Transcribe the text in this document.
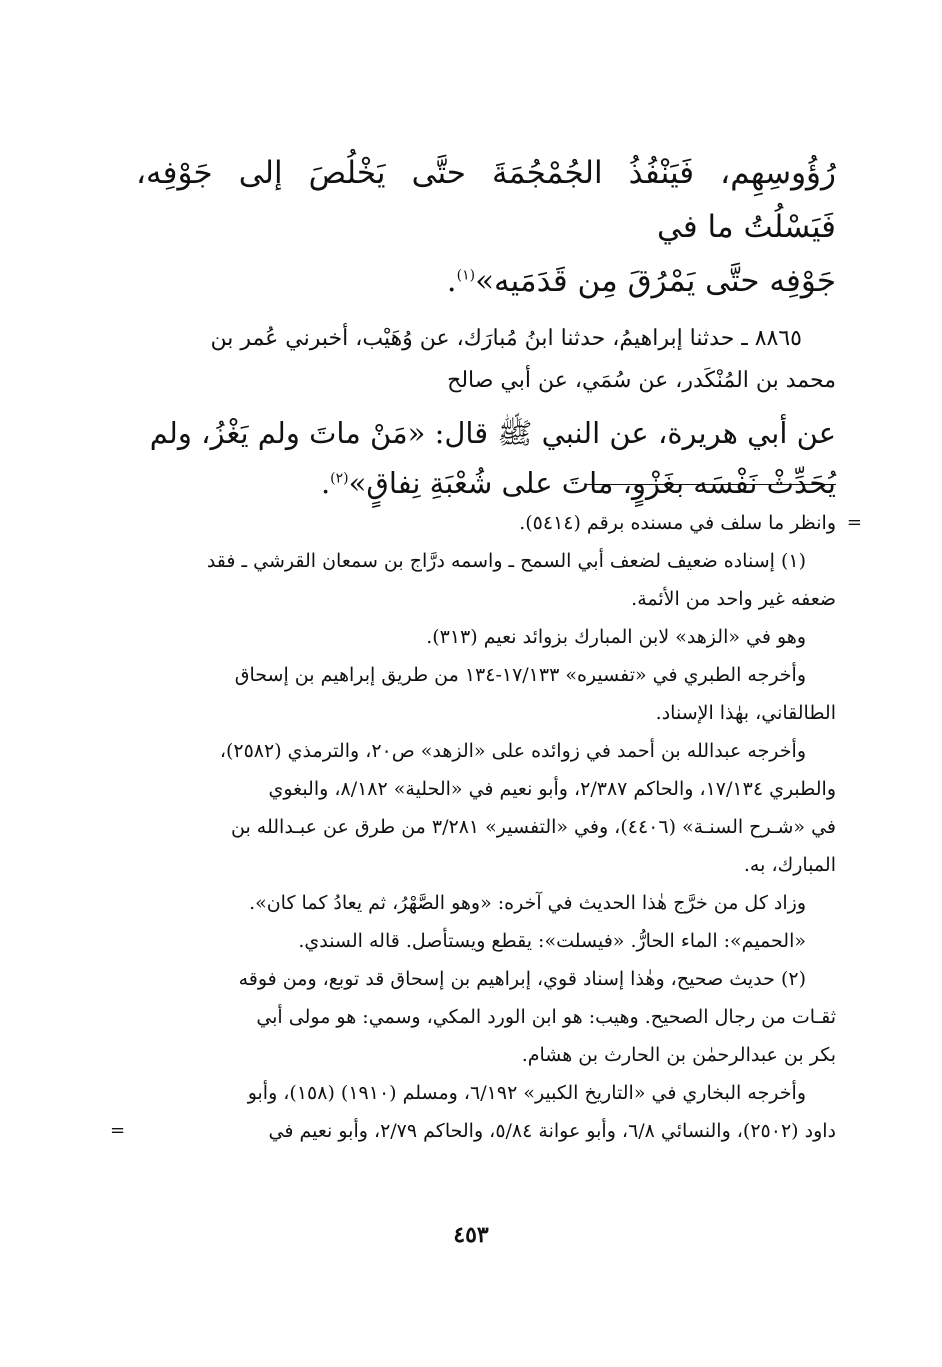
رُؤُوسِهِم، فَيَنْفُذُ الجُمْجُمَةَ حتَّى يَخْلُصَ إلى جَوْفِه، فَيَسْلُتُ ما في
جَوْفِه حتَّى يَمْرُقَ مِن قَدَمَيه»$^{(١)}$.

٨٨٦٥ ـ حدثنا إبراهيمُ، حدثنا ابنُ مُبارَك، عن وُهَيْب، أخبرني عُمر بن
محمد بن المُنْكَدر، عن سُمَي، عن أبي صالح

عن أبي هريرة، عن النبي ﷺ قال: «مَنْ ماتَ ولم يَغْزُ، ولم
يُحَدِّثْ نَفْسَه بغَزْوٍ، ماتَ على شُعْبَةِ نِفاقٍ»$^{(٢)}$.

=
وانظر ما سلف في مسنده برقم (٥٤١٤).

(١) إسناده ضعيف لضعف أبي السمح ـ واسمه درَّاج بن سمعان القرشي ـ فقد

ضعفه غير واحد من الأئمة.

وهو في «الزهد» لابن المبارك بزوائد نعيم (٣١٣).

وأخرجه الطبري في «تفسيره» ١٧/١٣٣-١٣٤ من طريق إبراهيم بن إسحاق

الطالقاني، بهٰذا الإسناد.

وأخرجه عبدالله بن أحمد في زوائده على «الزهد» ص٢٠، والترمذي (٢٥٨٢)،

والطبري ١٧/١٣٤، والحاكم ٢/٣٨٧، وأبو نعيم في «الحلية» ٨/١٨٢، والبغوي

في «شـرح السنـة» (٤٤٠٦)، وفي «التفسير» ٣/٢٨١ من طرق عن عبـدالله بن

المبارك، به.

وزاد كل من خرَّج هٰذا الحديث في آخره: «وهو الصَّهْرُ، ثم يعادُ كما كان».

«الحميم»: الماء الحارُّ. «فيسلت»: يقطع ويستأصل. قاله السندي.

(٢) حديث صحيح، وهٰذا إسناد قوي، إبراهيم بن إسحاق قد توبع، ومن فوقه

ثقـات من رجال الصحيح. وهيب: هو ابن الورد المكي، وسمي: هو مولى أبي

بكر بن عبدالرحمٰن بن الحارث بن هشام.

وأخرجه البخاري في «التاريخ الكبير» ٦/١٩٢، ومسلم (١٩١٠) (١٥٨)، وأبو

داود (٢٥٠٢)، والنسائي ٦/٨، وأبو عوانة ٥/٨٤، والحاكم ٢/٧٩، وأبو نعيم في
=

٤٥٣
